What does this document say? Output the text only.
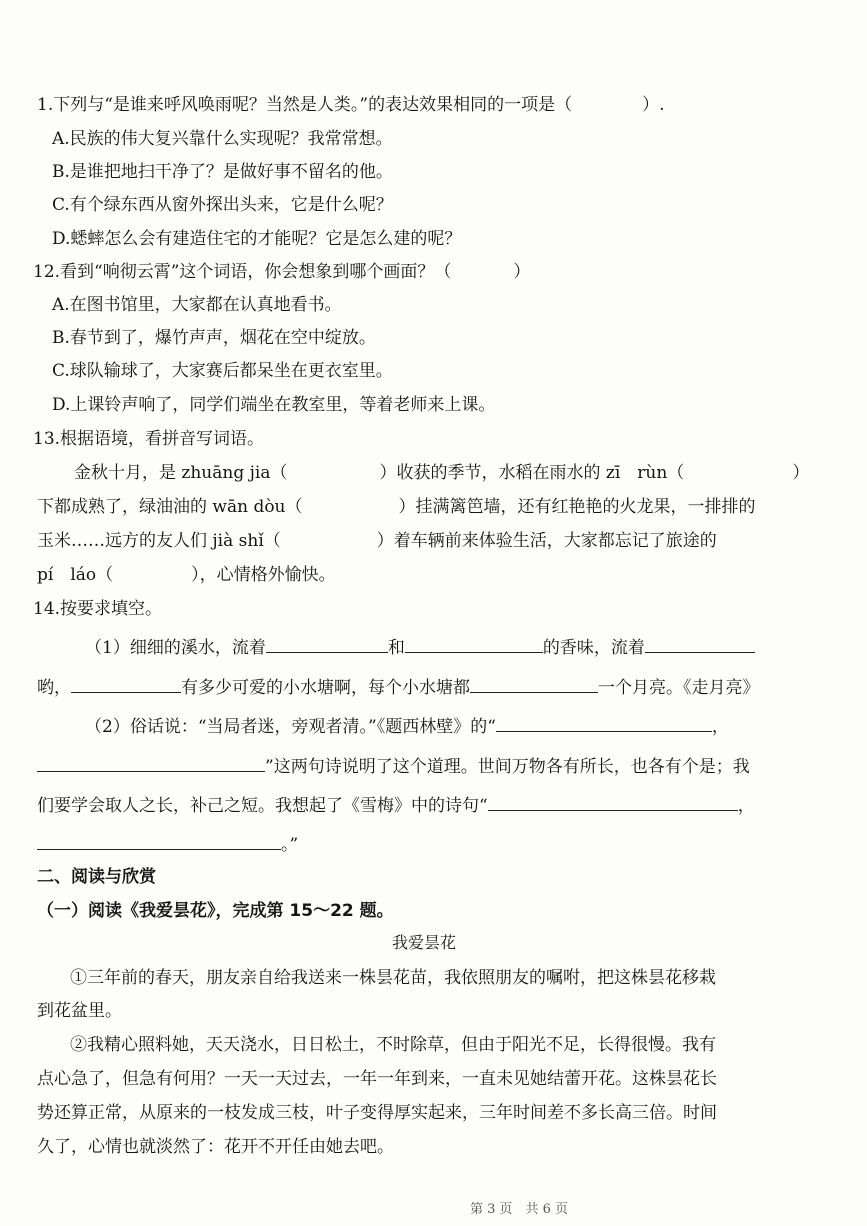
1.下列与“是谁来呼风唤雨呢？当然是人类。”的表达效果相同的一项是（	）.
A.民族的伟大复兴靠什么实现呢？我常常想。
B.是谁把地扫干净了？是做好事不留名的他。
C.有个绿东西从窗外探出头来，它是什么呢？
D.蟋蟀怎么会有建造住宅的才能呢？它是怎么建的呢？
12.看到“响彻云霄”这个词语，你会想象到哪个画面？（	）
A.在图书馆里，大家都在认真地看书。
B.春节到了，爆竹声声，烟花在空中绽放。
C.球队输球了，大家赛后都呆坐在更衣室里。
D.上课铃声响了，同学们端坐在教室里，等着老师来上课。
13.根据语境，看拼音写词语。
金秋十月，是 zhuāng jia（	）收获的季节，水稻在雨水的 zī　rùn（	）
下都成熟了，绿油油的 wān dòu（	）挂满篱笆墙，还有红艳艳的火龙果，一排排的
玉米……远方的友人们 jià shǐ（	）着车辆前来体验生活，大家都忘记了旅途的
pí　láo（	），心情格外愉快。
14.按要求填空。
（1）细细的溪水，流着	和	的香味，流着
哟，	有多少可爱的小水塘啊，每个小水塘都	一个月亮。《走月亮》
（2）俗话说：“当局者迷，旁观者清。”《题西林壁》的“	，
”这两句诗说明了这个道理。世间万物各有所长，也各有个是；我
们要学会取人之长，补己之短。我想起了《雪梅》中的诗句“	，
。”
二、阅读与欣赏
（一）阅读《我爱昙花》，完成第 15～22 题。
我爱昙花
①三年前的春天，朋友亲自给我送来一株昙花苗，我依照朋友的嘱咐，把这株昙花移栽
到花盆里。
②我精心照料她，天天浇水，日日松土，不时除草，但由于阳光不足，长得很慢。我有
点心急了，但急有何用？一天一天过去，一年一年到来，一直未见她结蕾开花。这株昙花长
势还算正常，从原来的一枝发成三枝，叶子变得厚实起来，三年时间差不多长高三倍。时间
久了，心情也就淡然了：花开不开任由她去吧。
第 3 页　共 6 页
